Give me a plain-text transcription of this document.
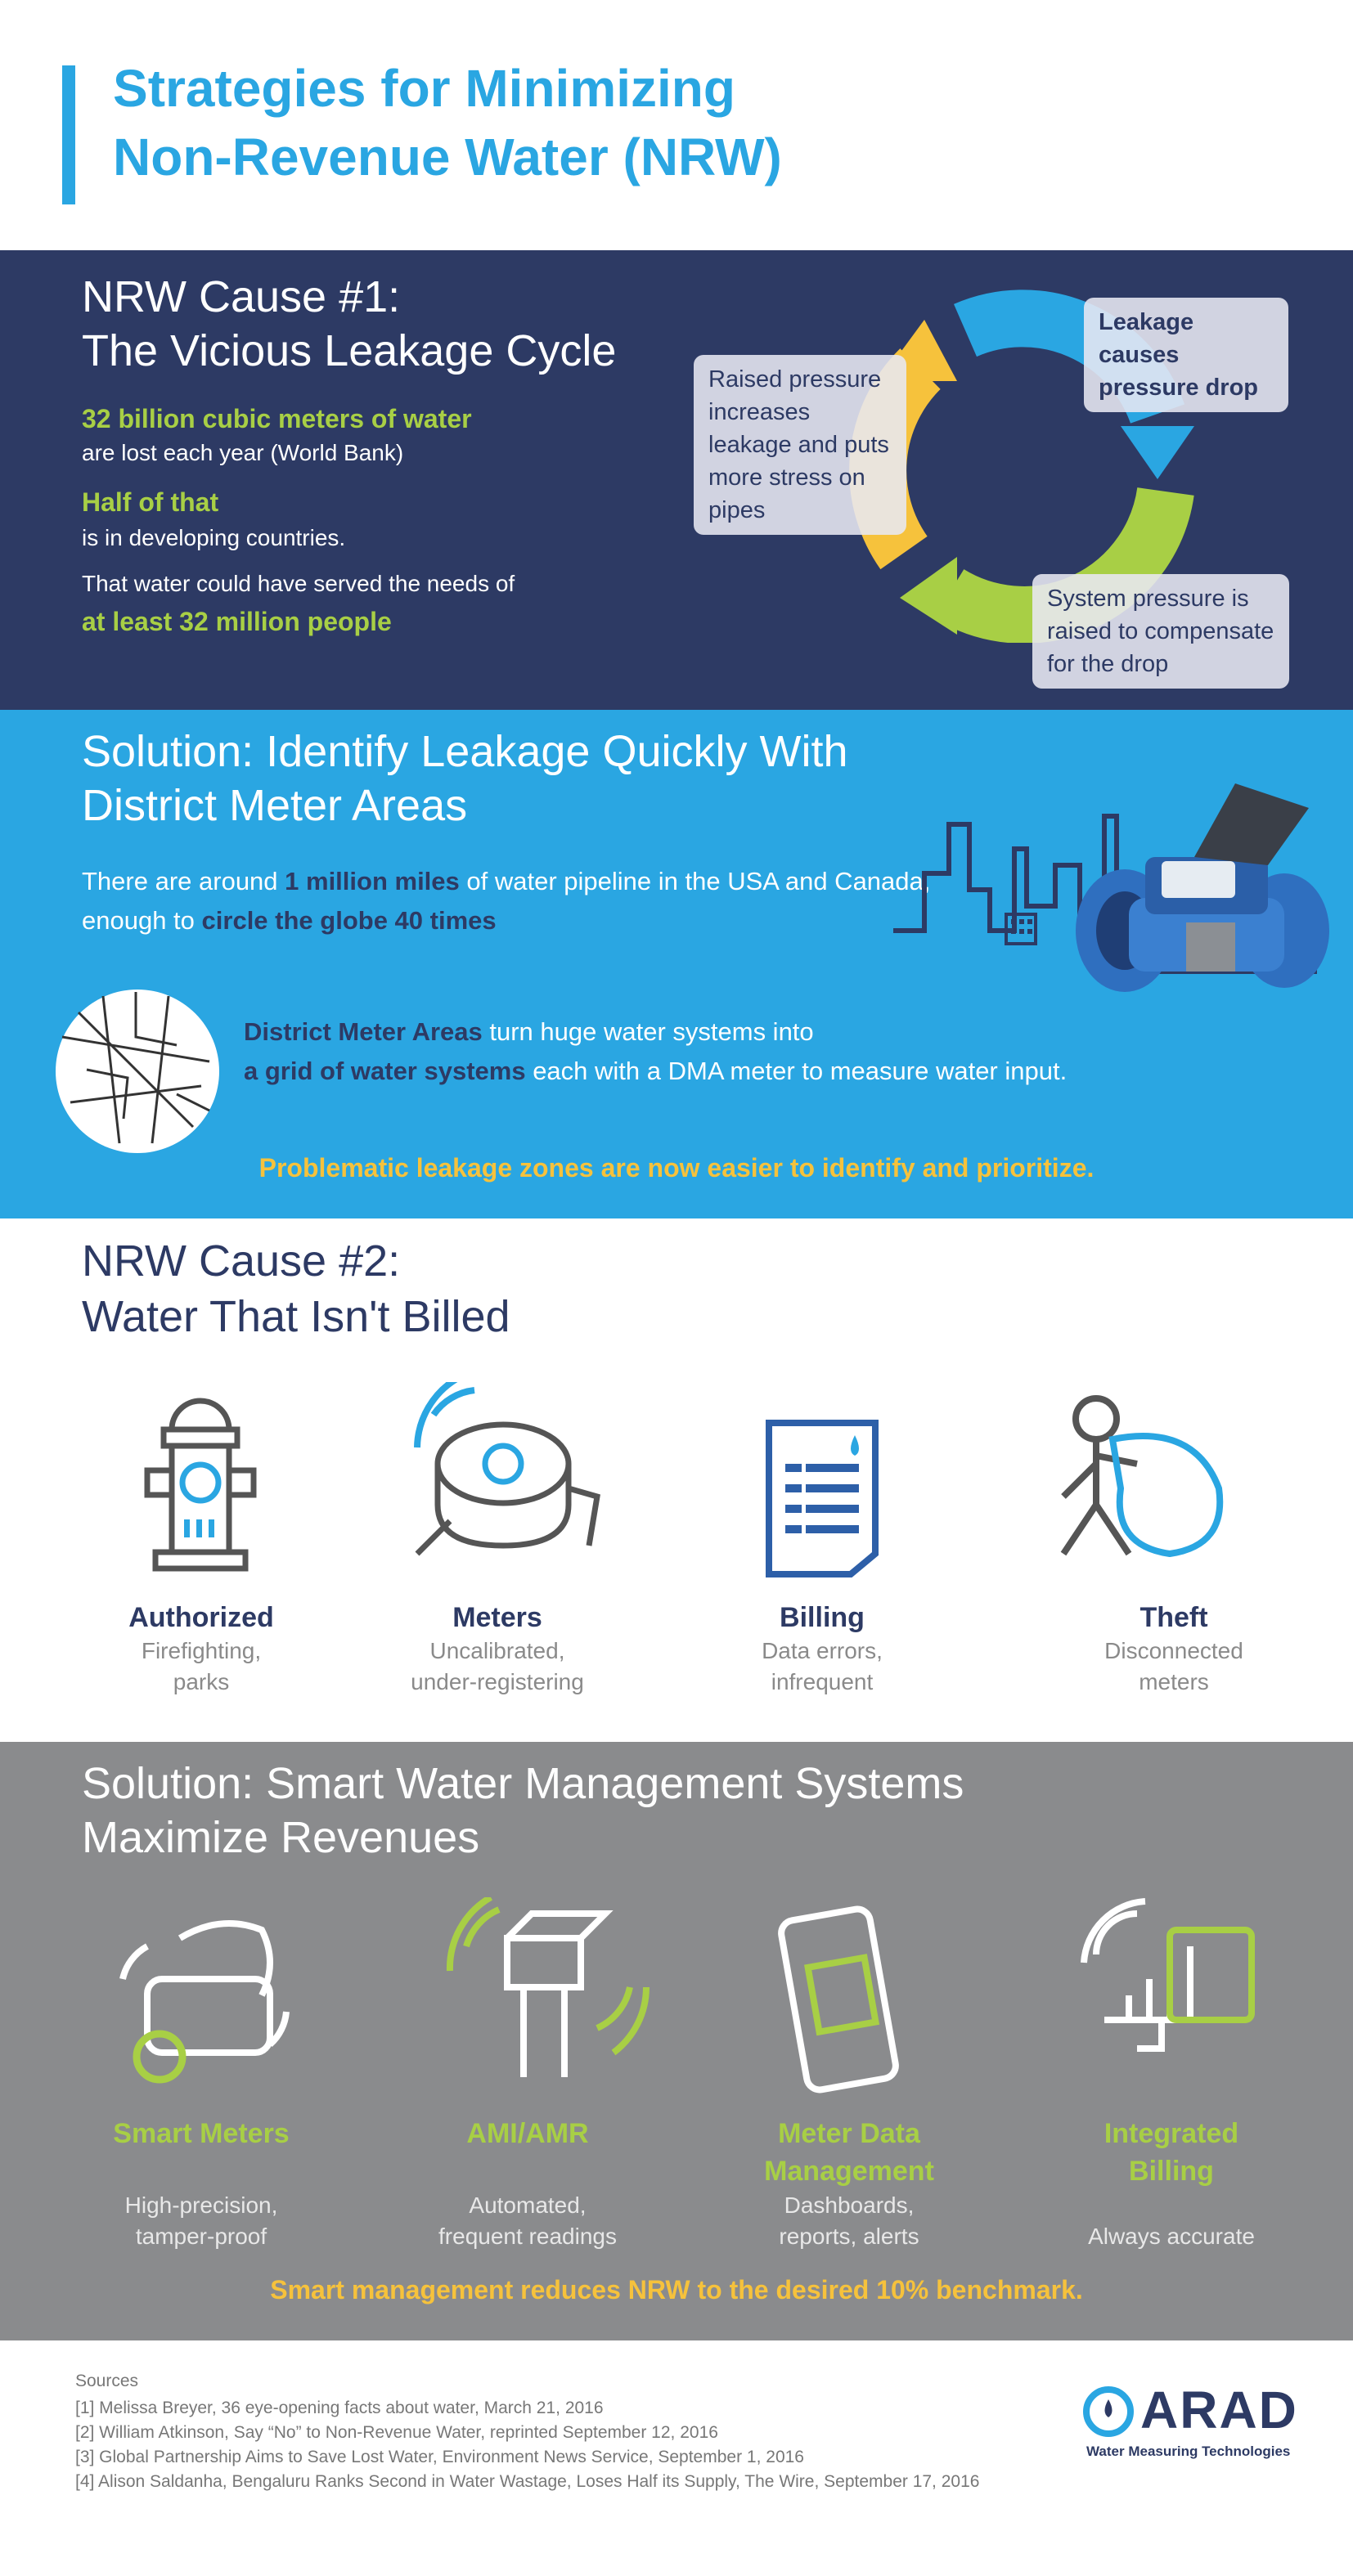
Strategies for Minimizing
Non-Revenue Water (NRW)
NRW Cause #1:
The Vicious Leakage Cycle
32 billion cubic meters of water
are lost each year (World Bank)
Half of that
is in developing countries.
That water could have served the needs of
at least 32 million people
Leakage causes pressure drop
Raised pressure increases leakage and puts more stress on pipes
System pressure is raised to compensate for the drop
Solution: Identify Leakage Quickly With
District Meter Areas
There are around 1 million miles of water pipeline in the USA and Canada,
enough to circle the globe 40 times
District Meter Areas turn huge water systems into
a grid of water systems each with a DMA meter to measure water input.
Problematic leakage zones are now easier to identify and prioritize.
NRW Cause #2:
Water That Isn't Billed
Authorized
Firefighting,
parks
Meters
Uncalibrated,
under-registering
Billing
Data errors,
infrequent
Theft
Disconnected
meters
Solution: Smart Water Management Systems
Maximize Revenues
Smart Meters
High-precision,
tamper-proof
AMI/AMR
Automated,
frequent readings
Meter Data
Management
Dashboards,
reports, alerts
Integrated
Billing
Always accurate
Smart management reduces NRW to the desired 10% benchmark.
Sources
[1] Melissa Breyer, 36 eye-opening facts about water, March 21, 2016
[2] William Atkinson, Say “No” to Non-Revenue Water, reprinted September 12, 2016
[3] Global Partnership Aims to Save Lost Water, Environment News Service, September 1, 2016
[4] Alison Saldanha, Bengaluru Ranks Second in Water Wastage, Loses Half its Supply, The Wire, September 17, 2016
ARAD
Water Measuring Technologies
